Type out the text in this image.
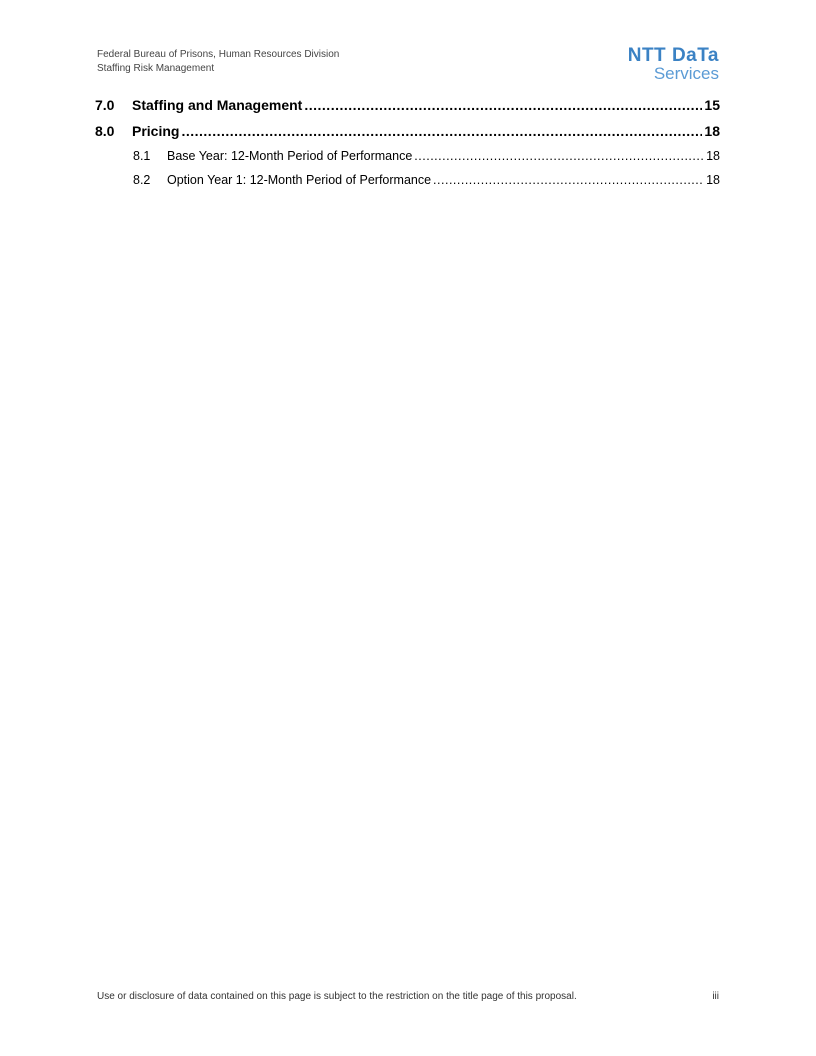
Federal Bureau of Prisons, Human Resources Division
Staffing Risk Management
NTT DaTa
Services
7.0	Staffing and Management .....	15
8.0	Pricing .....	18
8.1	Base Year: 12-Month Period of Performance .....	18
8.2	Option Year 1: 12-Month Period of Performance .....	18
Use or disclosure of data contained on this page is subject to the restriction on the title page of this proposal.	iii
